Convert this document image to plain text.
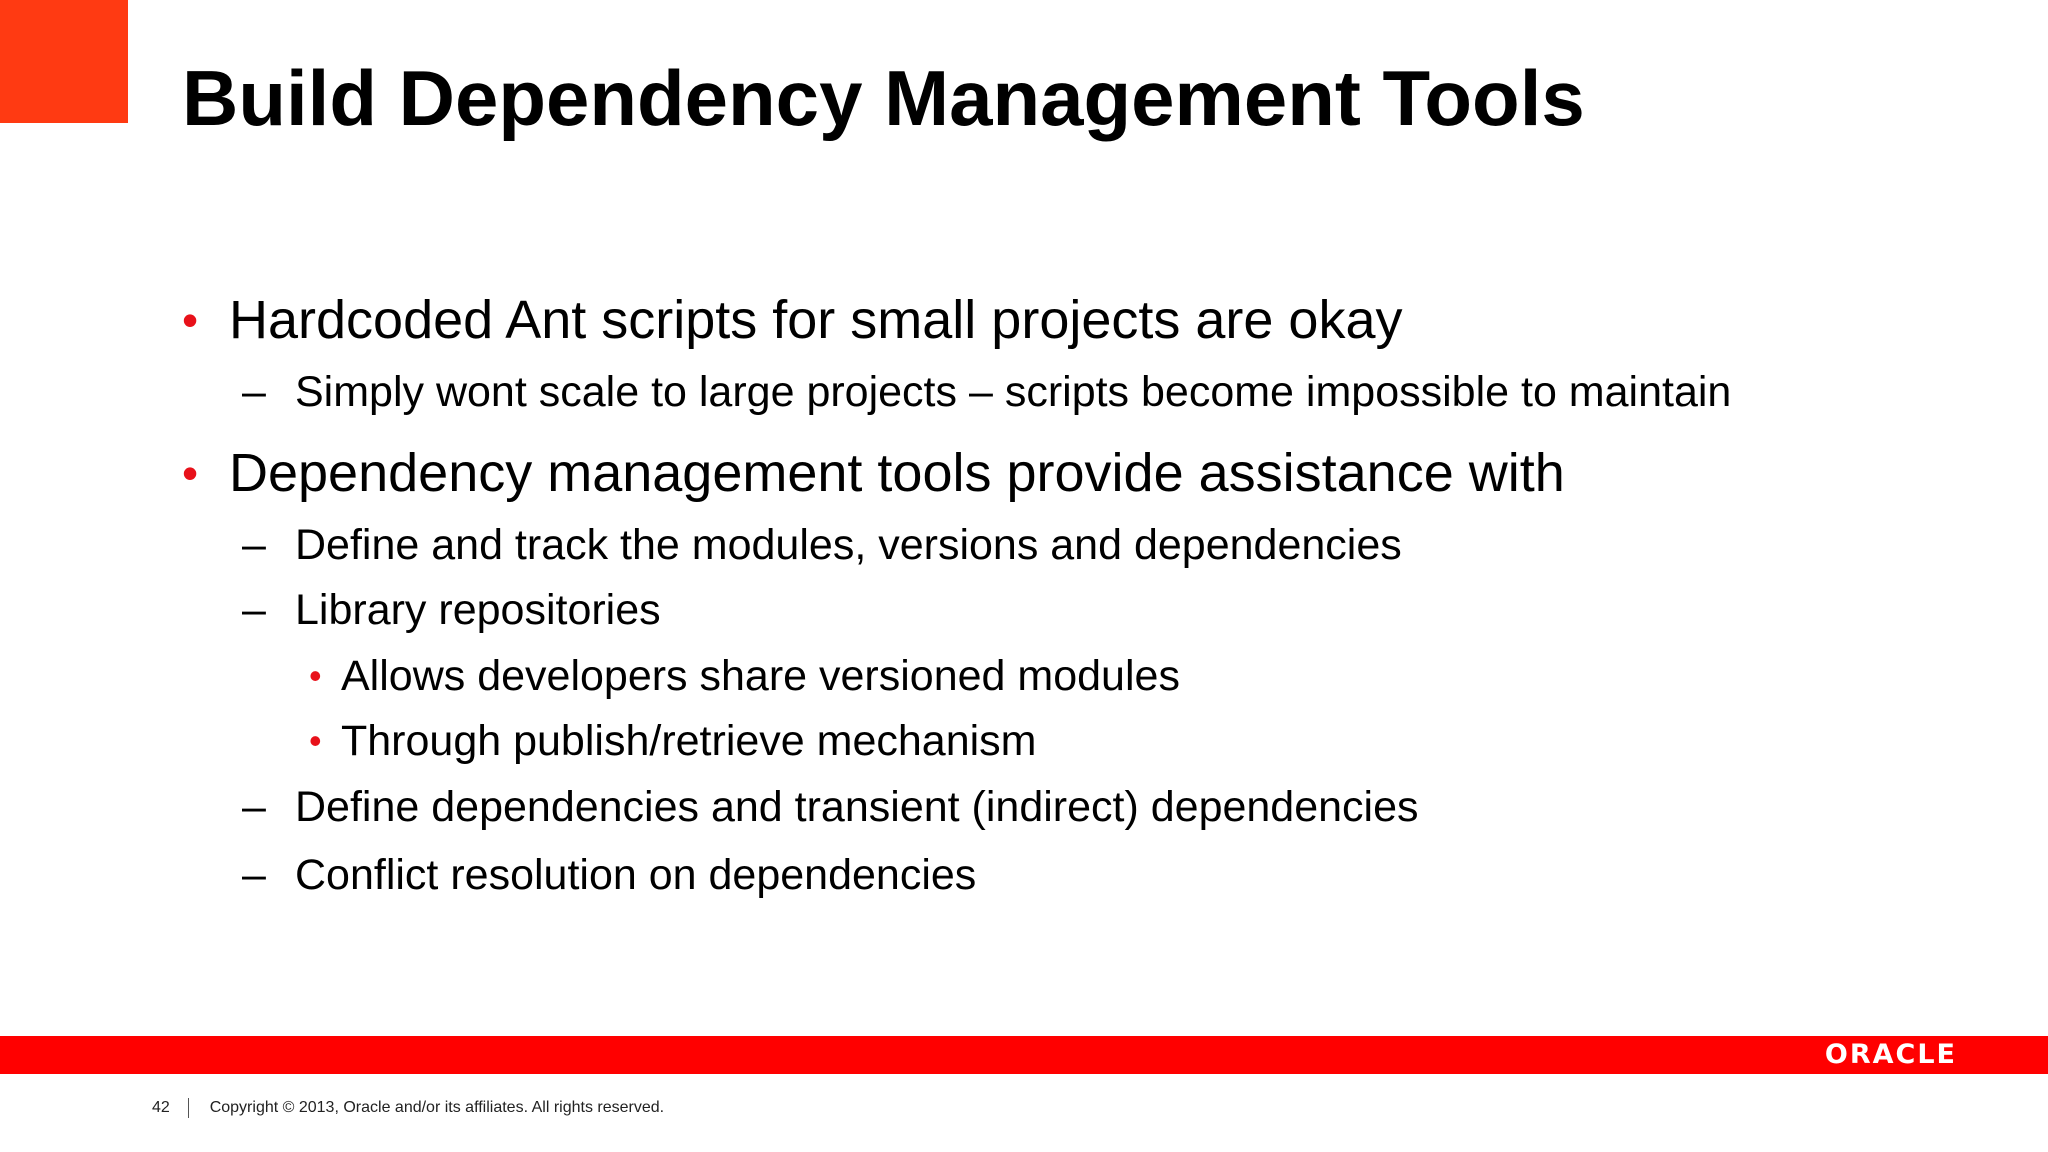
Build Dependency Management Tools
• Hardcoded Ant scripts for small projects are okay
– Simply wont scale to large projects – scripts become impossible to maintain
• Dependency management tools provide assistance with
– Define and track the modules, versions and dependencies
– Library repositories
• Allows developers share versioned modules
• Through publish/retrieve mechanism
– Define dependencies and transient (indirect) dependencies
– Conflict resolution on dependencies
ORACLE
42 Copyright © 2013, Oracle and/or its affiliates. All rights reserved.
